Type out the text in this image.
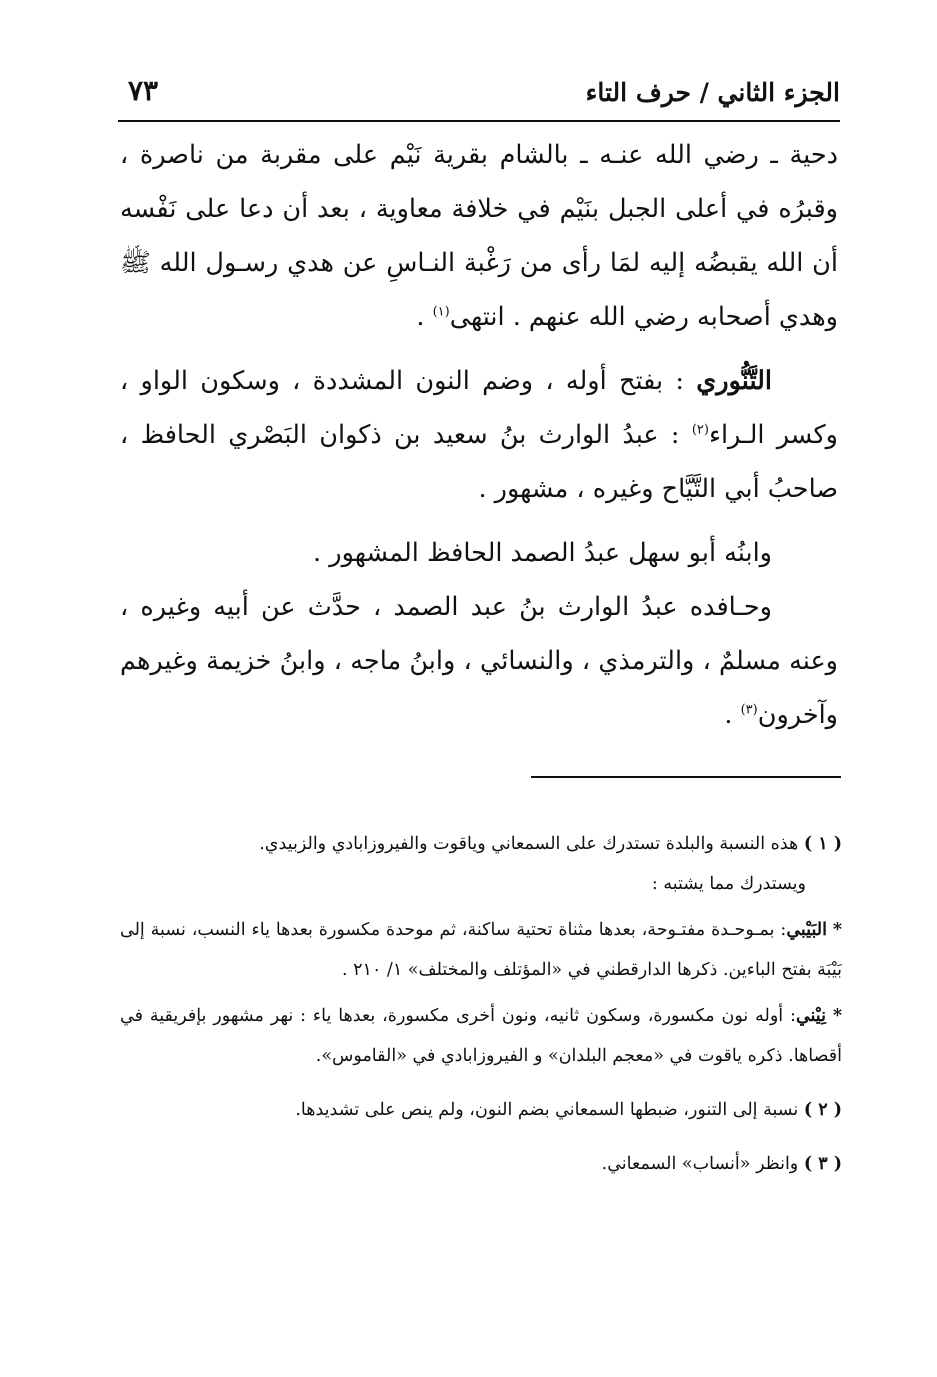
الجزء الثاني / حرف التاء
٧٣

دحية ـ رضي الله عنـه ـ بالشام بقرية نَيْم على مقربة من ناصرة ، وقبرُه في أعلى الجبل بنَيْم في خلافة معاوية ، بعد أن دعا على نَفْسه أن الله يقبضُه إليه لمَا رأى من رَغْبة النـاسِ عن هدي رسـول الله ﷺ وهدي أصحابه رضي الله عنهم . انتهى$^{(١)}$ .

التَّنُّوري : بفتح أوله ، وضم النون المشددة ، وسكون الواو ، وكسر الـراء$^{(٢)}$ : عبدُ الوارث بنُ سعيد بن ذكوان البَصْري الحافظ ، صاحبُ أبي التَّيَّاح وغيره ، مشهور .

وابنُه أبو سهل عبدُ الصمد الحافظ المشهور .

وحـافده عبدُ الوارث بنُ عبد الصمد ، حدَّث عن أبيه وغيره ، وعنه مسلمٌ ، والترمذي ، والنسائي ، وابنُ ماجه ، وابنُ خزيمة وغيرهم وآخرون$^{(٣)}$ .

( ١ ) هذه النسبة والبلدة تستدرك على السمعاني وياقوت والفيروزابادي والزبيدي.

ويستدرك مما يشتبه :

* البَيْبي: بمـوحـدة مفتـوحة، بعدها مثناة تحتية ساكنة، ثم موحدة مكسورة بعدها ياء النسب، نسبة إلى بَيْبَة بفتح الباءين. ذكرها الدارقطني في «المؤتلف والمختلف» ١/ ٢١٠ .

* نِيْني: أوله نون مكسورة، وسكون ثانيه، ونون أخرى مكسورة، بعدها ياء : نهر مشهور بإفريقية في أقصاها. ذكره ياقوت في «معجم البلدان» و الفيروزابادي في «القاموس».

( ٢ ) نسبة إلى التنور، ضبطها السمعاني بضم النون، ولم ينص على تشديدها.

( ٣ ) وانظر «أنساب» السمعاني.
